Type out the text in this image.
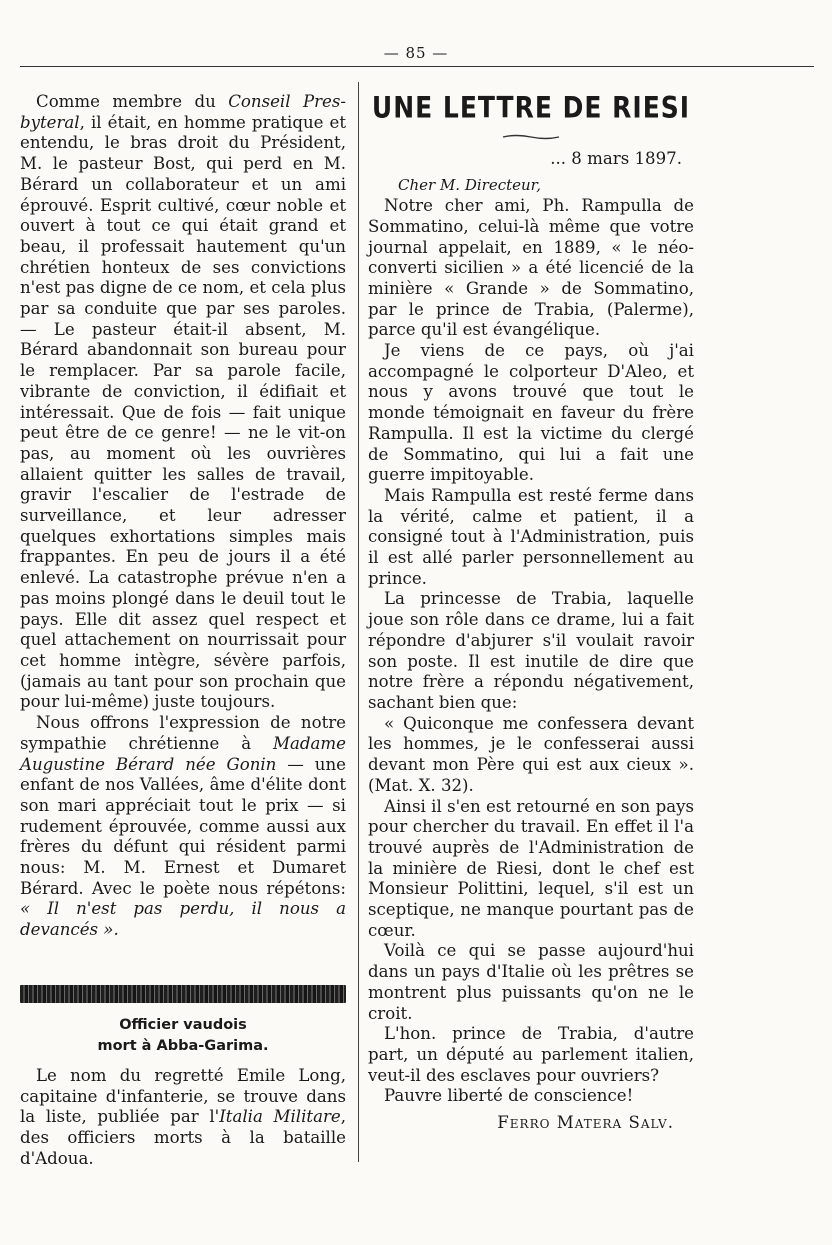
— 85 —

Comme membre du Conseil Pres-byteral, il était, en homme pratique et entendu, le bras droit du Président, M. le pasteur Bost, qui perd en M. Bérard un collaborateur et un ami éprouvé. Esprit cultivé, cœur noble et ouvert à tout ce qui était grand et beau, il professait hautement qu'un chrétien honteux de ses convictions n'est pas digne de ce nom, et cela plus par sa conduite que par ses paroles. — Le pasteur était-il absent, M. Bérard abandonnait son bureau pour le remplacer. Par sa parole facile, vibrante de conviction, il édifiait et intéressait. Que de fois — fait unique peut être de ce genre! — ne le vit-on pas, au moment où les ouvrières allaient quitter les salles de travail, gravir l'escalier de l'estrade de surveillance, et leur adresser quelques exhortations simples mais frappantes. En peu de jours il a été enlevé. La catastrophe prévue n'en a pas moins plongé dans le deuil tout le pays. Elle dit assez quel respect et quel attachement on nourrissait pour cet homme intègre, sévère parfois, (jamais au tant pour son prochain que pour lui-même) juste toujours.

Nous offrons l'expression de notre sympathie chrétienne à Madame Augustine Bérard née Gonin — une enfant de nos Vallées, âme d'élite dont son mari appréciait tout le prix — si rudement éprouvée, comme aussi aux frères du défunt qui résident parmi nous: M. M. Ernest et Dumaret Bérard. Avec le poète nous répétons: « Il n'est pas perdu, il nous a devancés ».

Officier vaudois
mort à Abba-Garima.

Le nom du regretté Emile Long, capitaine d'infanterie, se trouve dans la liste, publiée par l'Italia Militare, des officiers morts à la bataille d'Adoua.

UNE LETTRE DE RIESI
... 8 mars 1897.
Cher M. Directeur,

Notre cher ami, Ph. Rampulla de Sommatino, celui-là même que votre journal appelait, en 1889, « le néo-converti sicilien » a été licencié de la minière « Grande » de Sommatino, par le prince de Trabia, (Palerme), parce qu'il est évangélique.

Je viens de ce pays, où j'ai accompagné le colporteur D'Aleo, et nous y avons trouvé que tout le monde témoignait en faveur du frère Rampulla. Il est la victime du clergé de Sommatino, qui lui a fait une guerre impitoyable.

Mais Rampulla est resté ferme dans la vérité, calme et patient, il a consigné tout à l'Administration, puis il est allé parler personnellement au prince.

La princesse de Trabia, laquelle joue son rôle dans ce drame, lui a fait répondre d'abjurer s'il voulait ravoir son poste. Il est inutile de dire que notre frère a répondu négativement, sachant bien que:

« Quiconque me confessera devant les hommes, je le confesserai aussi devant mon Père qui est aux cieux ». (Mat. X. 32).

Ainsi il s'en est retourné en son pays pour chercher du travail. En effet il l'a trouvé auprès de l'Administration de la minière de Riesi, dont le chef est Monsieur Polittini, lequel, s'il est un sceptique, ne manque pourtant pas de cœur.

Voilà ce qui se passe aujourd'hui dans un pays d'Italie où les prêtres se montrent plus puissants qu'on ne le croit.

L'hon. prince de Trabia, d'autre part, un député au parlement italien, veut-il des esclaves pour ouvriers?

Pauvre liberté de conscience!

Ferro Matera Salv.
